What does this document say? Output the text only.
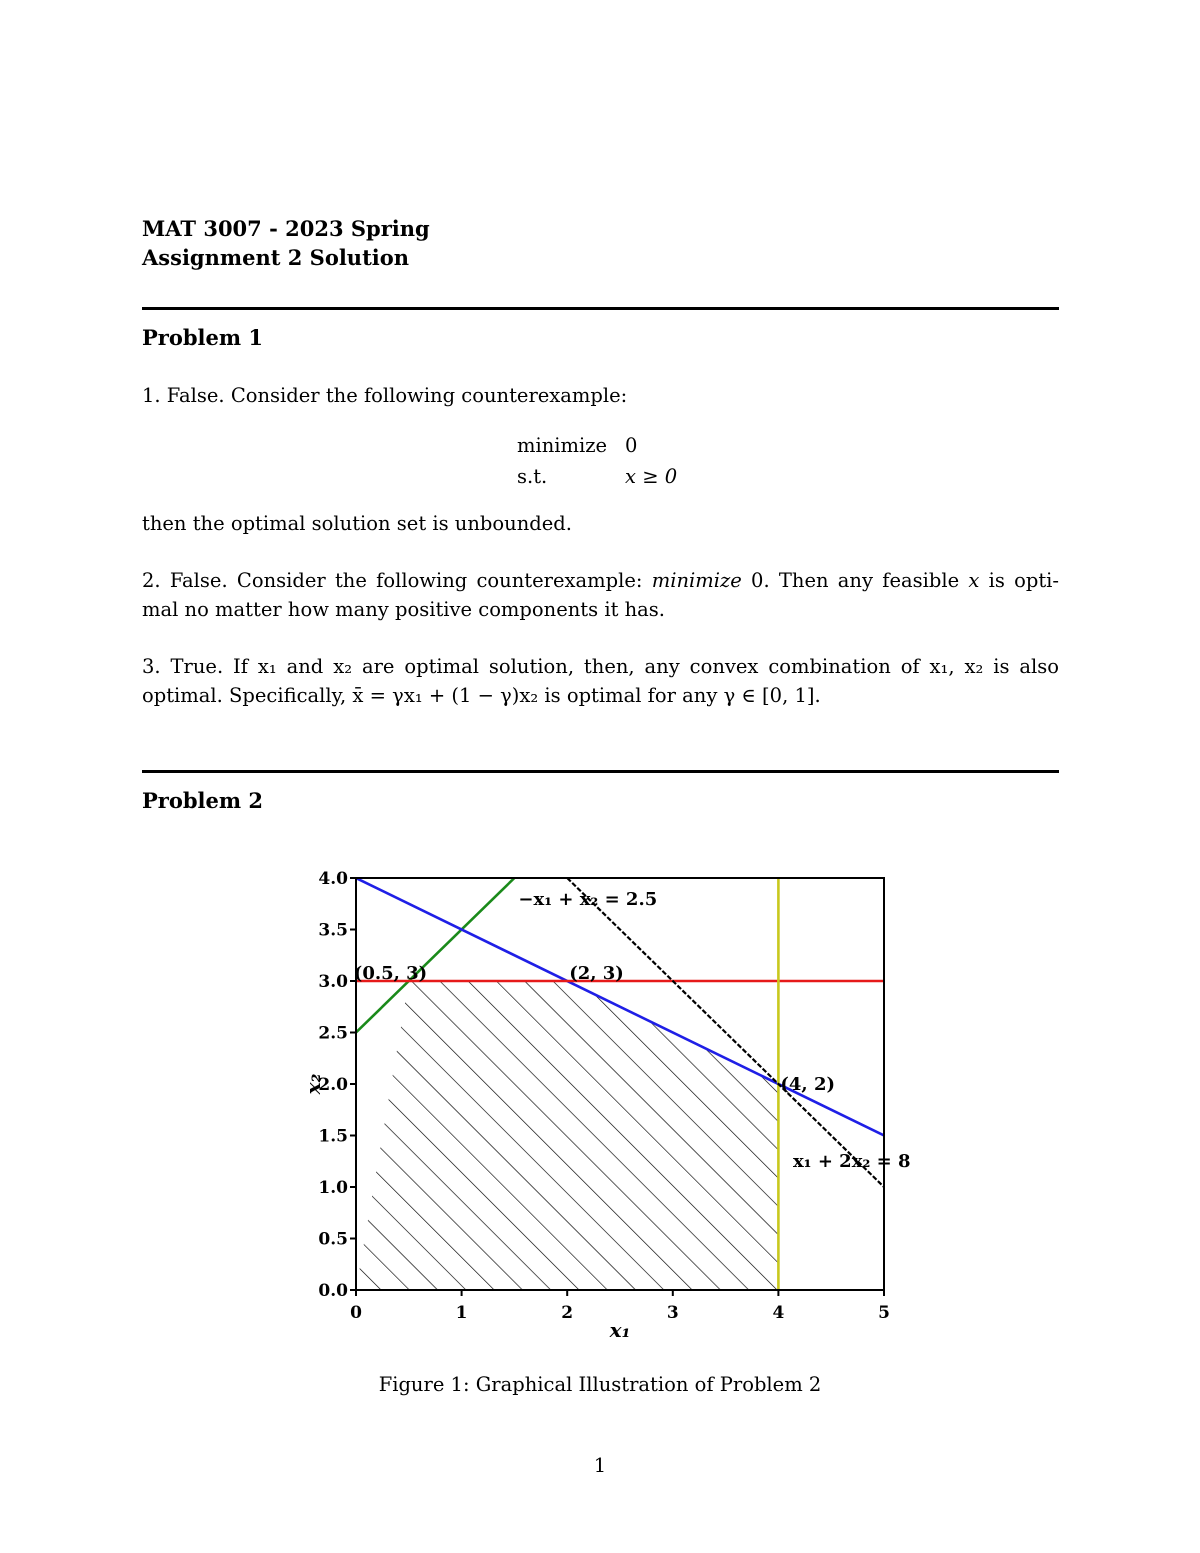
MAT 3007 - 2023 Spring
Assignment 2 Solution
Problem 1
1. False. Consider the following counterexample:
minimize 0
s.t.	x ≥ 0
then the optimal solution set is unbounded.
2. False. Consider the following counterexample: minimize 0. Then any feasible x is opti-
mal no matter how many positive components it has.
3. True. If x₁ and x₂ are optimal solution, then, any convex combination of x₁, x₂ is also
optimal. Specifically, x̄ = γx₁ + (1 − γ)x₂ is optimal for any γ ∈ [0, 1].
Problem 2
0	1	2	3	4	5
0.0
0.5
1.0
1.5
2.0
2.5
3.0
3.5
4.0
(0.5, 3)	(2, 3)
(4, 2)
−x₁ + x₂ = 2.5
x₁ + 2x₂ = 8
x₁
x₂
Figure 1: Graphical Illustration of Problem 2
1
